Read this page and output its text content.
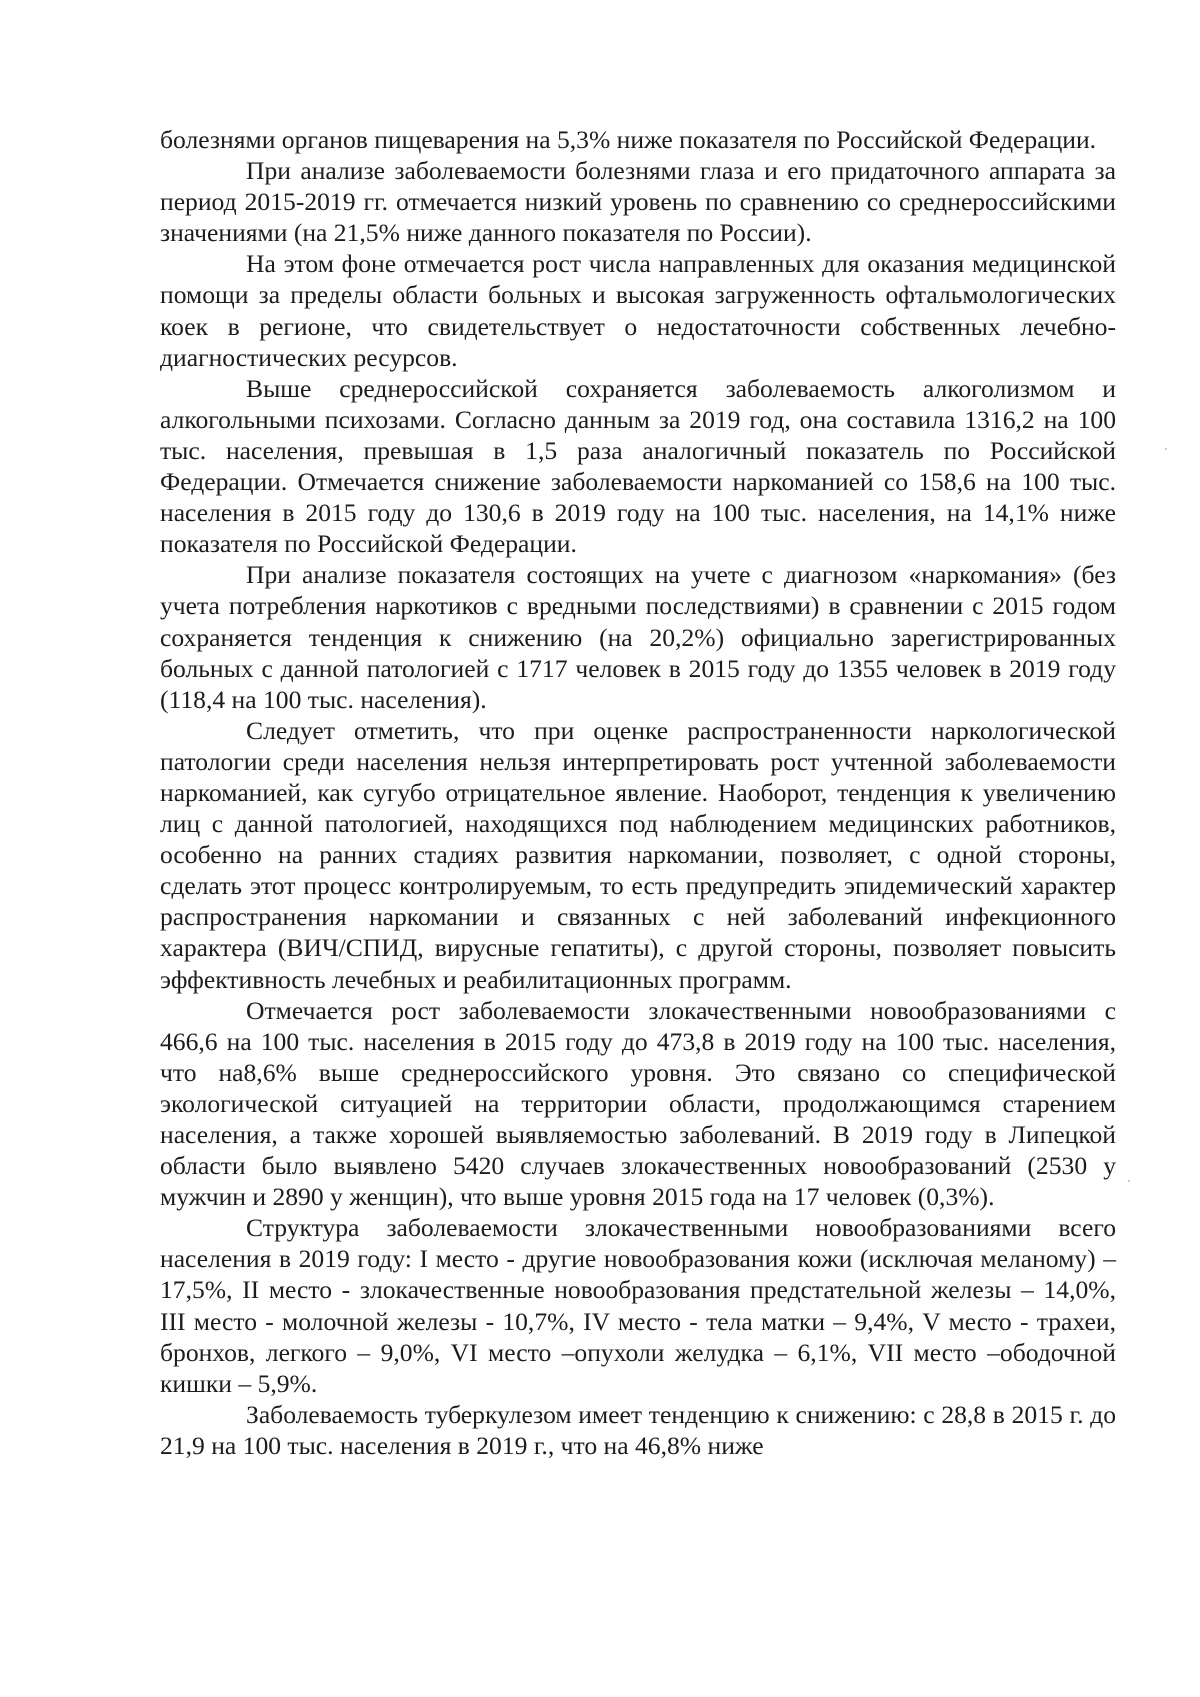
болезнями органов пищеварения на 5,3% ниже показателя по Российской Федерации.

При анализе заболеваемости болезнями глаза и его придаточного аппарата за период 2015-2019 гг. отмечается низкий уровень по сравнению со среднероссийскими значениями (на 21,5% ниже данного показателя по России).

На этом фоне отмечается рост числа направленных для оказания медицинской помощи за пределы области больных и высокая загруженность офтальмологических коек в регионе, что свидетельствует о недостаточности собственных лечебно-диагностических ресурсов.

Выше среднероссийской сохраняется заболеваемость алкоголизмом и алкогольными психозами. Согласно данным за 2019 год, она составила 1316,2 на 100 тыс. населения, превышая в 1,5 раза аналогичный показатель по Российской Федерации. Отмечается снижение заболеваемости наркоманией со 158,6 на 100 тыс. населения в 2015 году до 130,6 в 2019 году на 100 тыс. населения, на 14,1% ниже показателя по Российской Федерации.

При анализе показателя состоящих на учете с диагнозом «наркомания» (без учета потребления наркотиков с вредными последствиями) в сравнении с 2015 годом сохраняется тенденция к снижению (на 20,2%) официально зарегистрированных больных с данной патологией с 1717 человек в 2015 году до 1355 человек в 2019 году (118,4 на 100 тыс. населения).

Следует отметить, что при оценке распространенности наркологической патологии среди населения нельзя интерпретировать рост учтенной заболеваемости наркоманией, как сугубо отрицательное явление. Наоборот, тенденция к увеличению лиц с данной патологией, находящихся под наблюдением медицинских работников, особенно на ранних стадиях развития наркомании, позволяет, с одной стороны, сделать этот процесс контролируемым, то есть предупредить эпидемический характер распространения наркомании и связанных с ней заболеваний инфекционного характера (ВИЧ/СПИД, вирусные гепатиты), с другой стороны, позволяет повысить эффективность лечебных и реабилитационных программ.

Отмечается рост заболеваемости злокачественными новообразованиями с 466,6 на 100 тыс. населения в 2015 году до 473,8 в 2019 году на 100 тыс. населения, что на8,6% выше среднероссийского уровня. Это связано со специфической экологической ситуацией на территории области, продолжающимся старением населения, а также хорошей выявляемостью заболеваний. В 2019 году в Липецкой области было выявлено 5420 случаев злокачественных новообразований (2530 у мужчин и 2890 у женщин), что выше уровня 2015 года на 17 человек (0,3%).

Структура заболеваемости злокачественными новообразованиями всего населения в 2019 году: I место - другие новообразования кожи (исключая меланому) –17,5%, II место - злокачественные новообразования предстательной железы – 14,0%, III место - молочной железы - 10,7%, IV место - тела матки – 9,4%, V место - трахеи, бронхов, легкого – 9,0%, VI место –опухоли желудка – 6,1%, VII место –ободочной кишки – 5,9%.

Заболеваемость туберкулезом имеет тенденцию к снижению: с 28,8 в 2015 г. до 21,9 на 100 тыс. населения в 2019 г., что на 46,8% ниже
